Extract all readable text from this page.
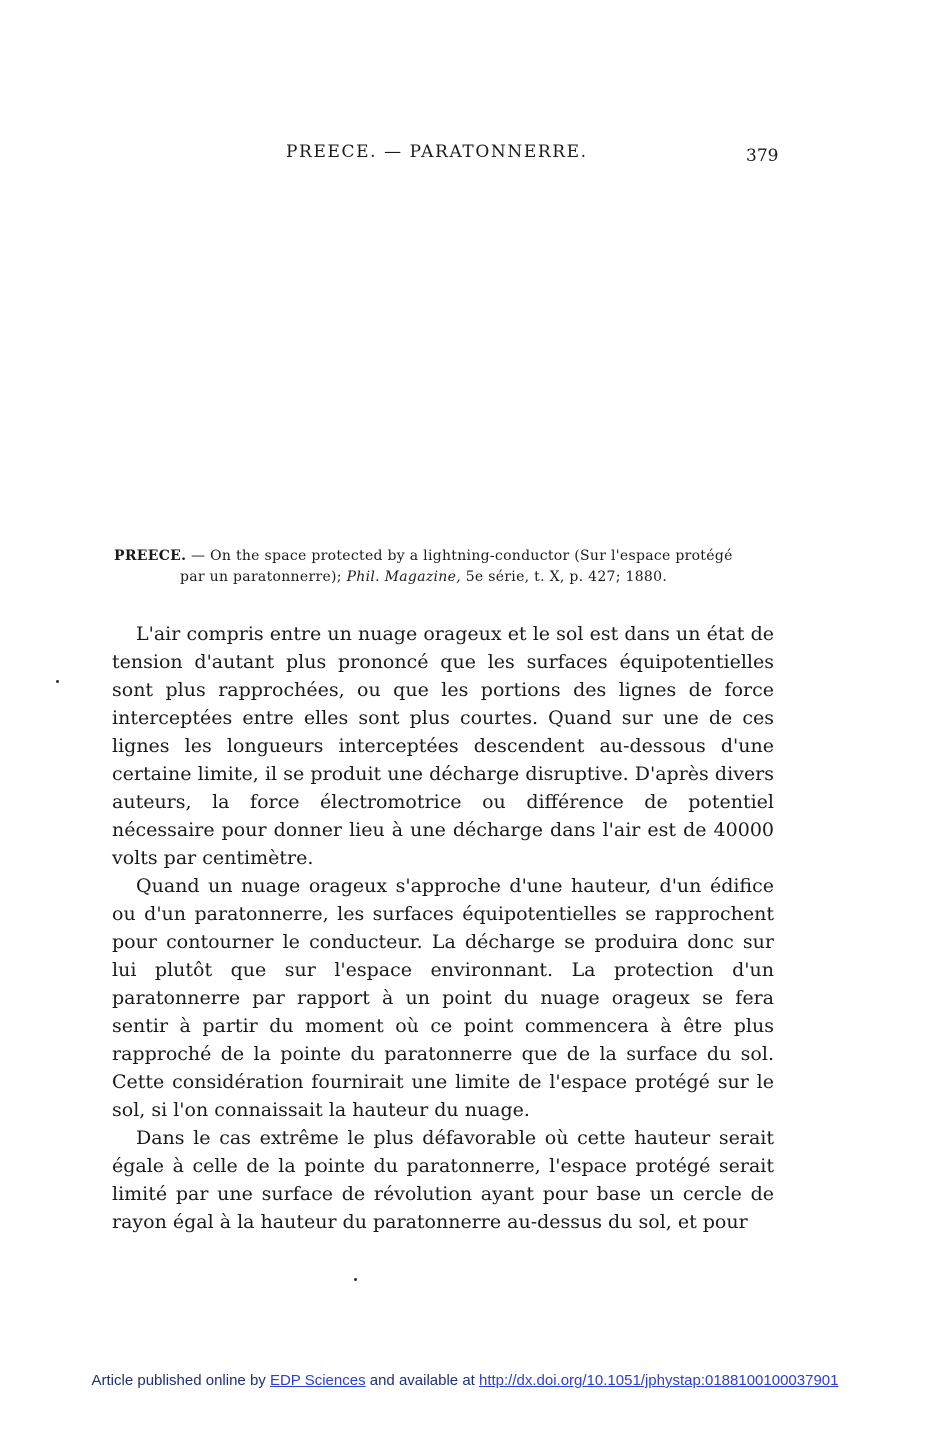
PREECE. — PARATONNERRE.	379
PREECE. — On the space protected by a lightning-conductor (Sur l'espace protégé
par un paratonnerre); Phil. Magazine, 5e série, t. X, p. 427; 1880.

L'air compris entre un nuage orageux et le sol est dans un état de tension d'autant plus prononcé que les surfaces équipotentielles sont plus rapprochées, ou que les portions des lignes de force interceptées entre elles sont plus courtes. Quand sur une de ces lignes les longueurs interceptées descendent au-dessous d'une certaine limite, il se produit une décharge disruptive. D'après divers auteurs, la force électromotrice ou différence de potentiel nécessaire pour donner lieu à une décharge dans l'air est de 40000 volts par centimètre.

Quand un nuage orageux s'approche d'une hauteur, d'un édifice ou d'un paratonnerre, les surfaces équipotentielles se rapprochent pour contourner le conducteur. La décharge se produira donc sur lui plutôt que sur l'espace environnant. La protection d'un paratonnerre par rapport à un point du nuage orageux se fera sentir à partir du moment où ce point commencera à être plus rapproché de la pointe du paratonnerre que de la surface du sol. Cette considération fournirait une limite de l'espace protégé sur le sol, si l'on connaissait la hauteur du nuage.

Dans le cas extrême le plus défavorable où cette hauteur serait égale à celle de la pointe du paratonnerre, l'espace protégé serait limité par une surface de révolution ayant pour base un cercle de rayon égal à la hauteur du paratonnerre au-dessus du sol, et pour

Article published online by EDP Sciences and available at http://dx.doi.org/10.1051/jphystap:0188100100037901
